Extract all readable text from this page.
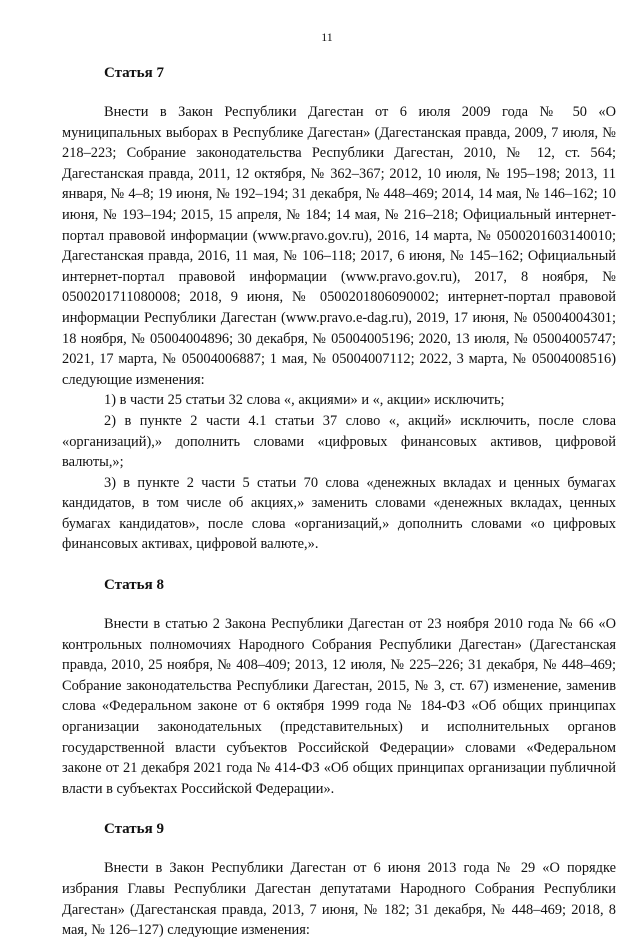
11
Статья 7

Внести в Закон Республики Дагестан от 6 июля 2009 года № 50 «О муниципальных выборах в Республике Дагестан» (Дагестанская правда, 2009, 7 июля, № 218–223; Собрание законодательства Республики Дагестан, 2010, № 12, ст. 564; Дагестанская правда, 2011, 12 октября, № 362–367; 2012, 10 июля, № 195–198; 2013, 11 января, № 4–8; 19 июня, № 192–194; 31 декабря, № 448–469; 2014, 14 мая, № 146–162; 10 июня, № 193–194; 2015, 15 апреля, № 184; 14 мая, № 216–218; Официальный интернет-портал правовой информации (www.pravo.gov.ru), 2016, 14 марта, № 0500201603140010; Дагестанская правда, 2016, 11 мая, № 106–118; 2017, 6 июня, № 145–162; Официальный интернет-портал правовой информации (www.pravo.gov.ru), 2017, 8 ноября, № 0500201711080008; 2018, 9 июня, № 0500201806090002; интернет-портал правовой информации Республики Дагестан (www.pravo.e-dag.ru), 2019, 17 июня, № 05004004301; 18 ноября, № 05004004896; 30 декабря, № 05004005196; 2020, 13 июля, № 05004005747; 2021, 17 марта, № 05004006887; 1 мая, № 05004007112; 2022, 3 марта, № 05004008516) следующие изменения:

1) в части 25 статьи 32 слова «, акциями» и «, акции» исключить;

2) в пункте 2 части 4.1 статьи 37 слово «, акций» исключить, после слова «организаций),» дополнить словами «цифровых финансовых активов, цифровой валюты,»;

3) в пункте 2 части 5 статьи 70 слова «денежных вкладах и ценных бумагах кандидатов, в том числе об акциях,» заменить словами «денежных вкладах, ценных бумагах кандидатов», после слова «организаций,» дополнить словами «о цифровых финансовых активах, цифровой валюте,».

Статья 8

Внести в статью 2 Закона Республики Дагестан от 23 ноября 2010 года № 66 «О контрольных полномочиях Народного Собрания Республики Дагестан» (Дагестанская правда, 2010, 25 ноября, № 408–409; 2013, 12 июля, № 225–226; 31 декабря, № 448–469; Собрание законодательства Республики Дагестан, 2015, № 3, ст. 67) изменение, заменив слова «Федеральном законе от 6 октября 1999 года № 184-ФЗ «Об общих принципах организации законодательных (представительных) и исполнительных органов государственной власти субъектов Российской Федерации» словами «Федеральном законе от 21 декабря 2021 года № 414-ФЗ «Об общих принципах организации публичной власти в субъектах Российской Федерации».

Статья 9

Внести в Закон Республики Дагестан от 6 июня 2013 года № 29 «О порядке избрания Главы Республики Дагестан депутатами Народного Собрания Республики Дагестан» (Дагестанская правда, 2013, 7 июня, № 182; 31 декабря, № 448–469; 2018, 8 мая, № 126–127) следующие изменения:
